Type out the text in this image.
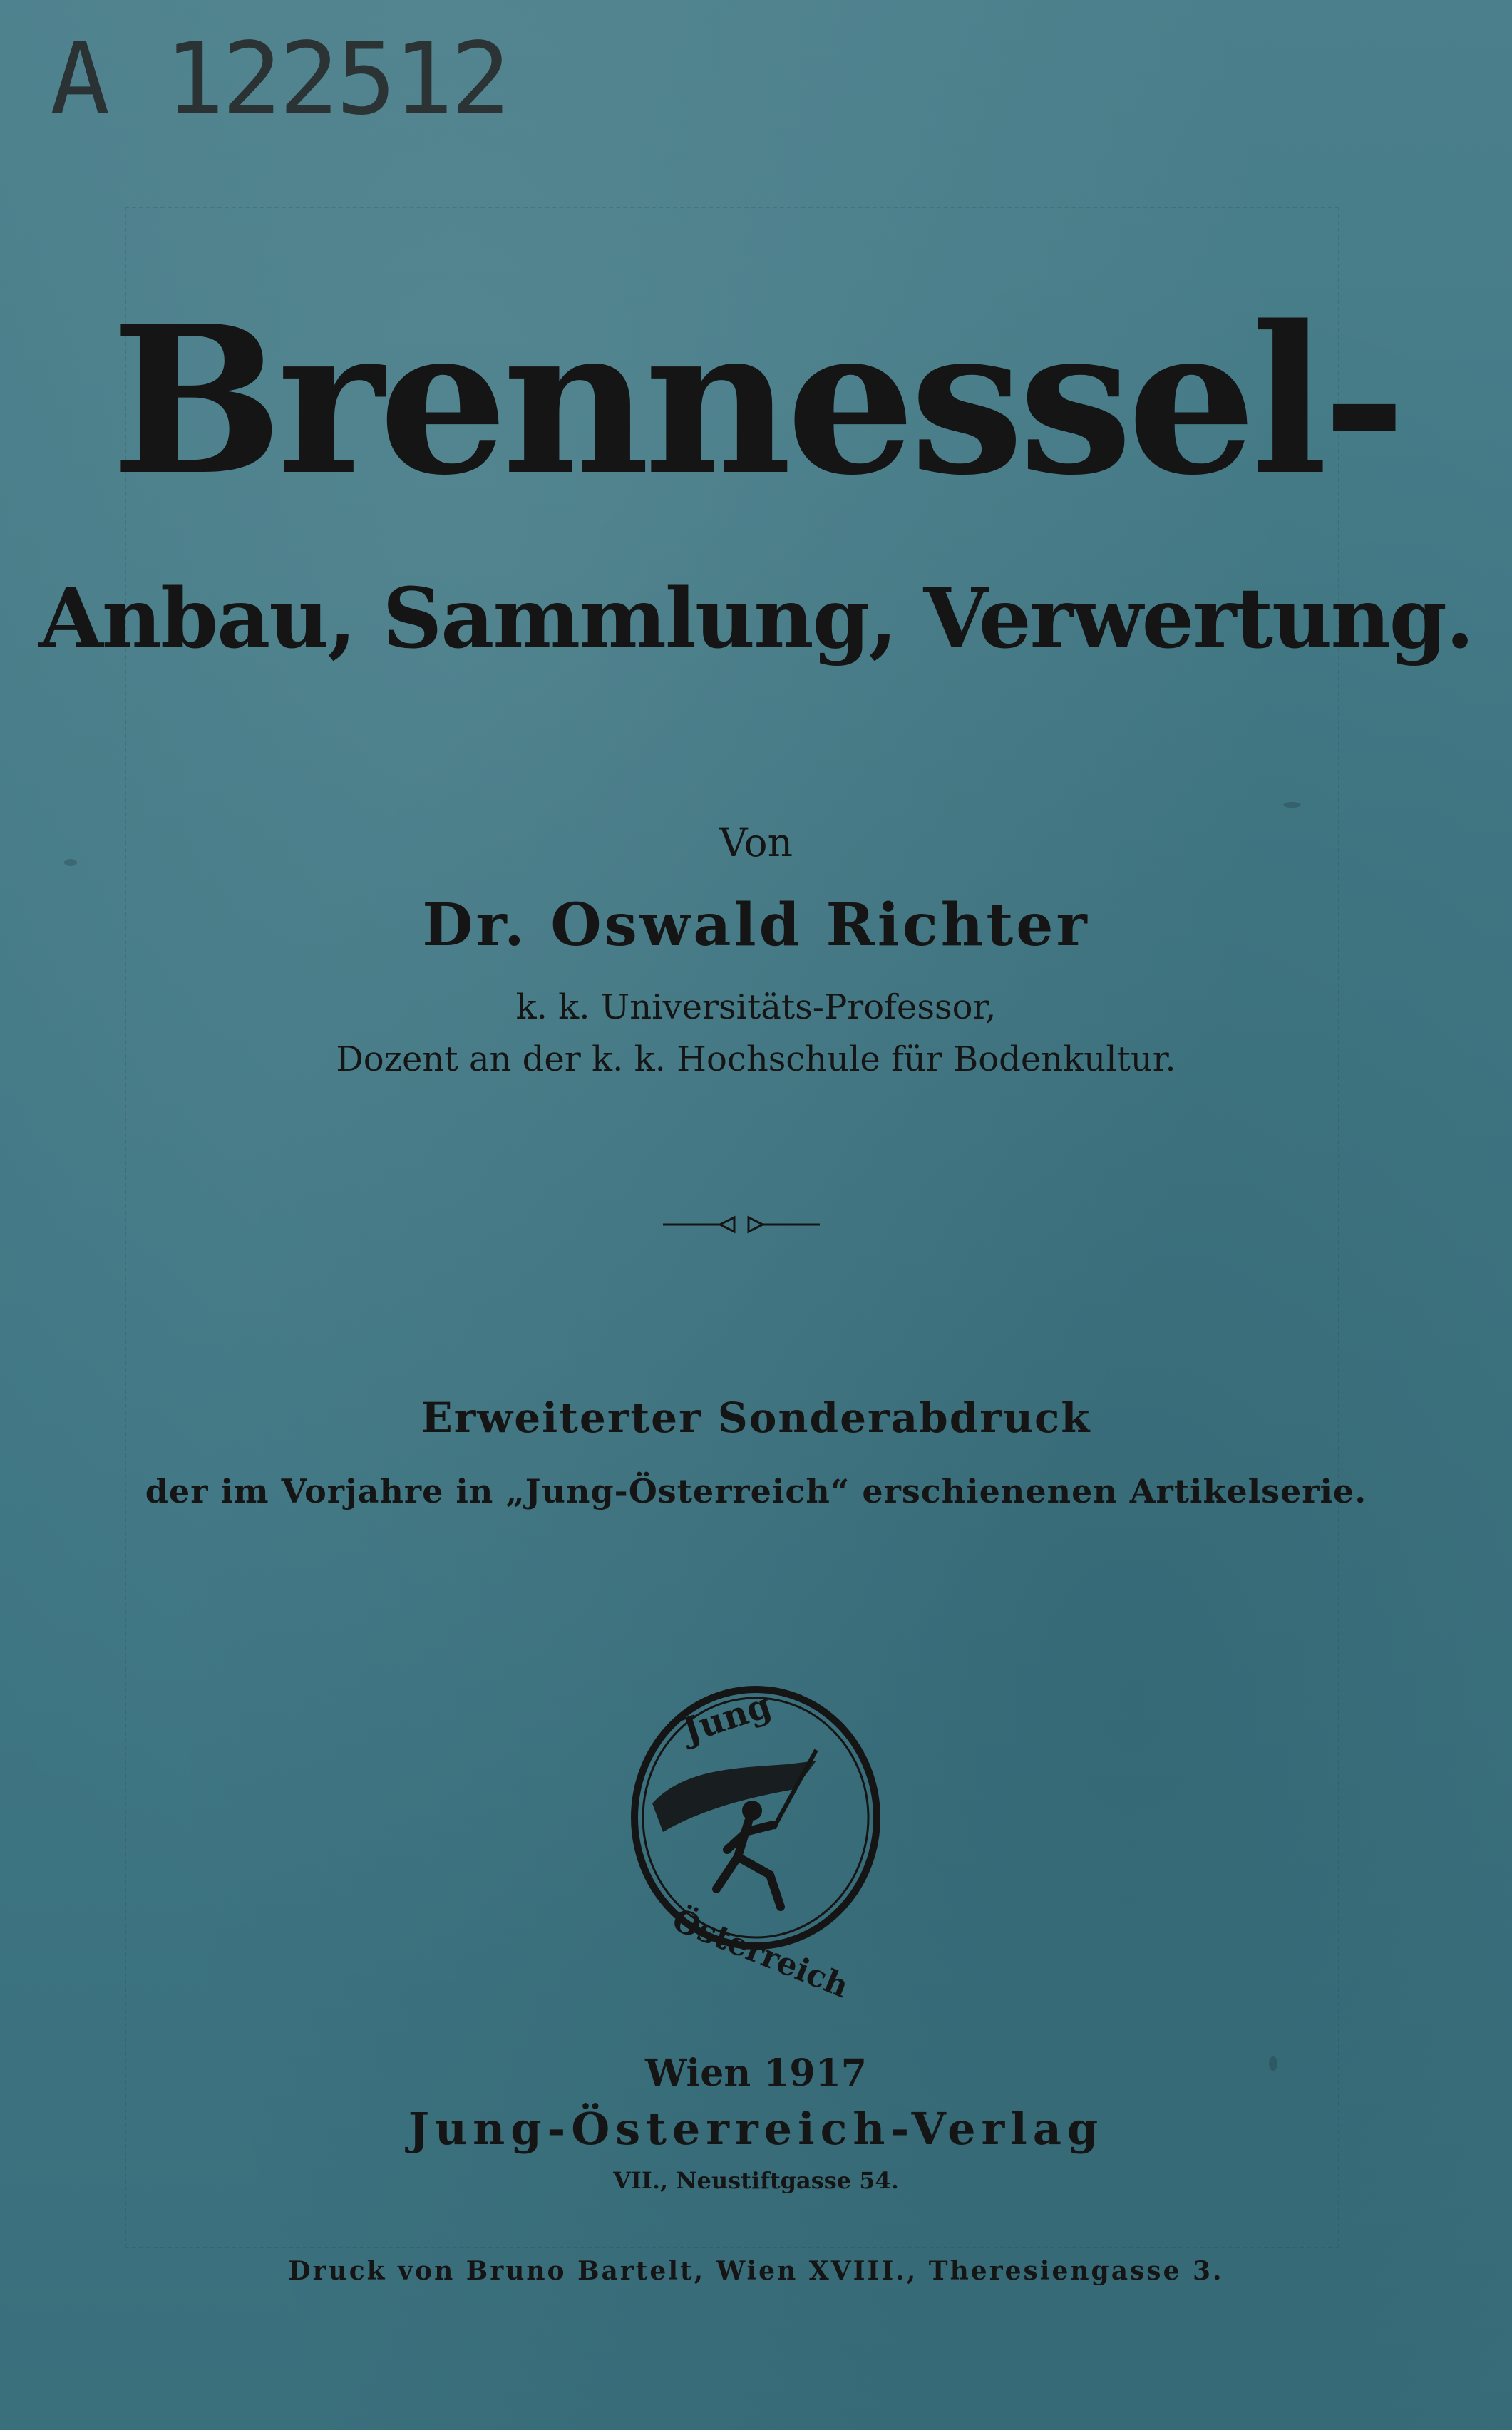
A 122512
Brennessel-
Anbau, Sammlung, Verwertung.
Von
Dr. Oswald Richter
k. k. Universitäts-Professor,
Dozent an der k. k. Hochschule für Bodenkultur.
Erweiterter Sonderabdruck
der im Vorjahre in „Jung-Österreich“ erschienenen Artikelserie.
Jung
Österreich
Wien 1917
Jung-Österreich-Verlag
VII., Neustiftgasse 54.
Druck von Bruno Bartelt, Wien XVIII., Theresiengasse 3.
